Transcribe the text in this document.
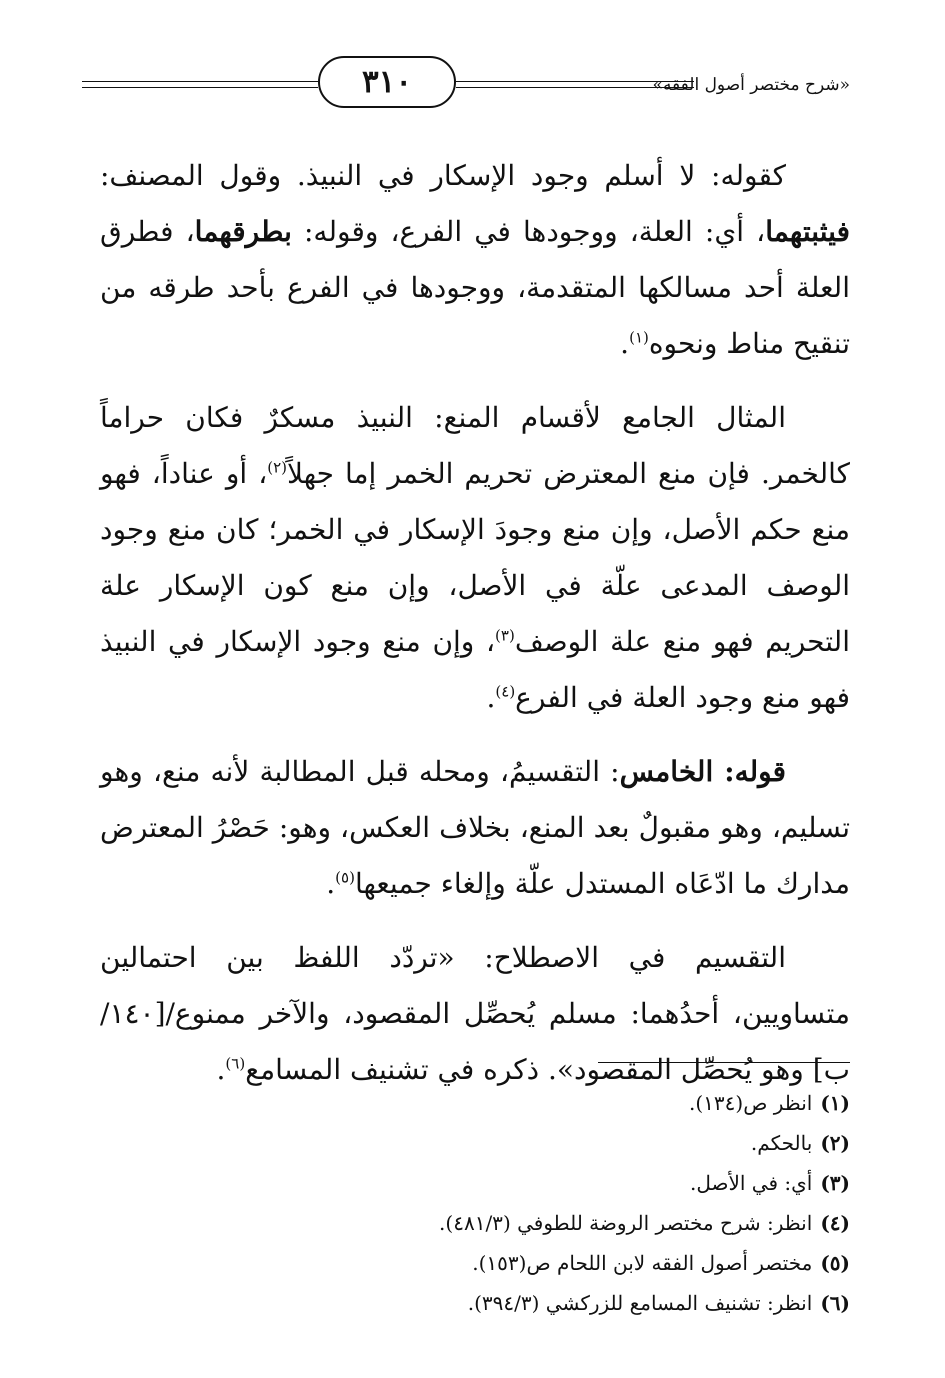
٣١٠	«شرح مختصر أصول الفقه»

كقوله: لا أسلم وجود الإسكار في النبيذ. وقول المصنف: فيثبتهما، أي: العلة، ووجودها في الفرع، وقوله: بطرقهما، فطرق العلة أحد مسالكها المتقدمة، ووجودها في الفرع بأحد طرقه من تنقيح مناط ونحوه$^{(١)}$.

المثال الجامع لأقسام المنع: النبيذ مسكرٌ فكان حراماً كالخمر. فإن منع المعترض تحريم الخمر إما جهلاً$^{(٢)}$، أو عناداً، فهو منع حكم الأصل، وإن منع وجودَ الإسكار في الخمر؛ كان منع وجود الوصف المدعى علّة في الأصل، وإن منع كون الإسكار علة التحريم فهو منع علة الوصف$^{(٣)}$، وإن منع وجود الإسكار في النبيذ فهو منع وجود العلة في الفرع$^{(٤)}$.

قوله: الخامس: التقسيمُ، ومحله قبل المطالبة لأنه منع، وهو تسليم، وهو مقبولٌ بعد المنع، بخلاف العكس، وهو: حَصْرُ المعترض مدارك ما ادّعَاه المستدل علّة وإلغاء جميعها$^{(٥)}$.

التقسيم في الاصطلاح: «تردّد اللفظ بين احتمالين متساويين، أحدُهما: مسلم يُحصِّل المقصود، والآخر ممنوع/[١٤٠/ب] وهو يُحصِّل المقصود». ذكره في تشنيف المسامع$^{(٦)}$.

(١)انظر ص(١٣٤).
(٢)بالحكم.
(٣)أي: في الأصل.
(٤)انظر: شرح مختصر الروضة للطوفي (٤٨١/٣).
(٥)مختصر أصول الفقه لابن اللحام ص(١٥٣).
(٦)انظر: تشنيف المسامع للزركشي (٣٩٤/٣).
